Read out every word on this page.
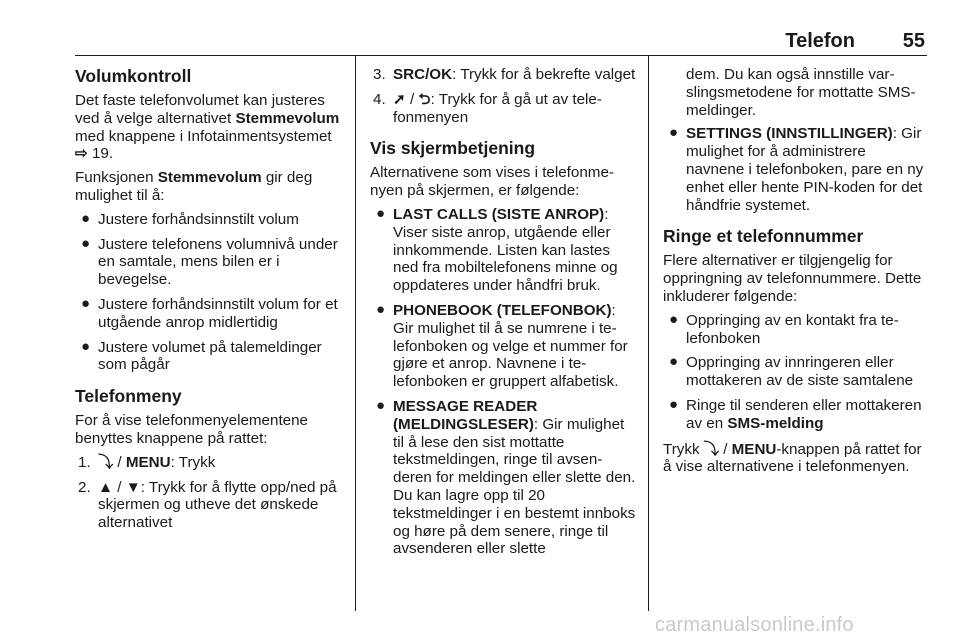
Telefon 55
Volumkontroll

Det faste telefonvolumet kan justeres ved å velge alternativet Stemmevolum med knappene i Infotainmentsystemet ⇨ 19.

Funksjonen Stemmevolum gir deg mulighet til å:

● Justere forhåndsinnstilt volum
● Justere telefonens volumnivå under en samtale, mens bilen er i bevegelse.
● Justere forhåndsinnstilt volum for et utgående anrop midlertidig
● Justere volumet på talemeldinger som pågår
Telefonmeny

For å vise telefonmenyelementene benyttes knappene på rattet:

1. ⤵ / MENU: Trykk
2. ▲ / ▼: Trykk for å flytte opp/ned på skjermen og utheve det ønskede alternativet
3. SRC/OK: Trykk for å bekrefte valget
4. ➚ / ⮌: Trykk for å gå ut av telefonmenyen
Vis skjermbetjening

Alternativene som vises i telefonmenyen på skjermen, er følgende:

● LAST CALLS (SISTE ANROP): Viser siste anrop, utgående eller innkommende. Listen kan lastes ned fra mobiltelefonens minne og oppdateres under håndfri bruk.
● PHONEBOOK (TELEFONBOK): Gir mulighet til å se numrene i telefonboken og velge et nummer for gjøre et anrop. Navnene i telefonboken er gruppert alfabetisk.
● MESSAGE READER (MELDINGSLESER): Gir mulighet til å lese den sist mottatte tekstmeldingen, ringe til avsenderen for meldingen eller slette den. Du kan lagre opp til 20 tekstmeldinger i en bestemt innboks og høre på dem senere, ringe til avsenderen eller slette

dem. Du kan også innstille varslingsmetodene for mottatte SMS-meldinger.

● SETTINGS (INNSTILLINGER): Gir mulighet for å administrere navnene i telefonboken, pare en ny enhet eller hente PIN-koden for det håndfrie systemet.
Ringe et telefonnummer

Flere alternativer er tilgjengelig for oppringning av telefonnummere. Dette inkluderer følgende:

● Oppringing av en kontakt fra telefonboken
● Oppringing av innringeren eller mottakeren av de siste samtalene
● Ringe til senderen eller mottakeren av en SMS-melding

Trykk ⤵ / MENU-knappen på rattet for å vise alternativene i telefonmenyen.

carmanualsonline.info
